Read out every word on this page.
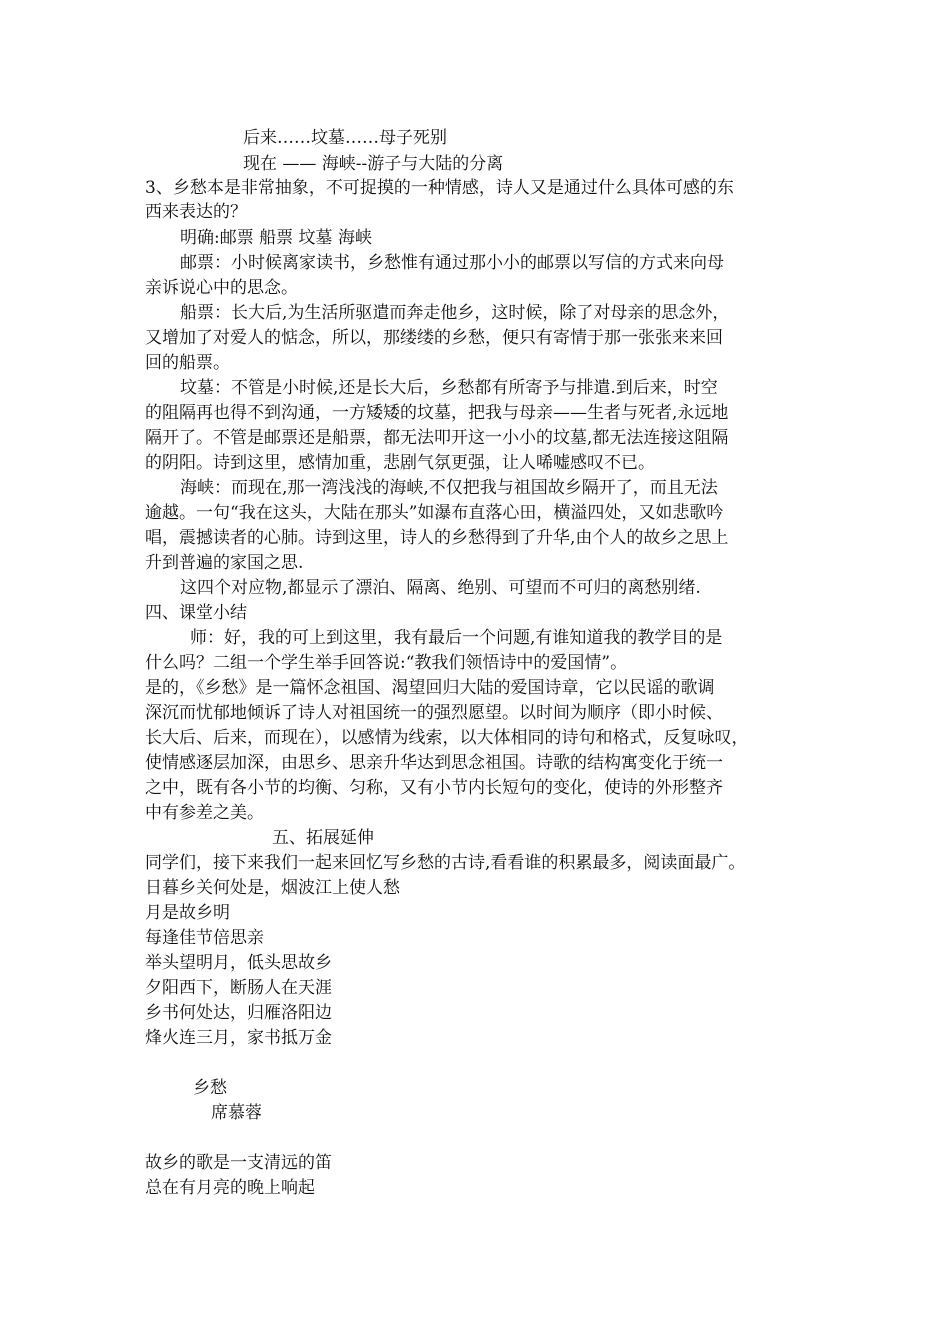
后来……坟墓……母子死别
现在 —— 海峡--游子与大陆的分离
3、乡愁本是非常抽象，不可捉摸的一种情感，诗人又是通过什么具体可感的东
西来表达的？
明确:邮票 船票 坟墓 海峡
邮票：小时候离家读书，乡愁惟有通过那小小的邮票以写信的方式来向母
亲诉说心中的思念。
船票：长大后,为生活所驱遣而奔走他乡，这时候，除了对母亲的思念外，
又增加了对爱人的惦念，所以，那缕缕的乡愁，便只有寄情于那一张张来来回
回的船票。
坟墓：不管是小时候,还是长大后，乡愁都有所寄予与排遣.到后来，时空
的阻隔再也得不到沟通，一方矮矮的坟墓，把我与母亲——生者与死者,永远地
隔开了。不管是邮票还是船票，都无法叩开这一小小的坟墓,都无法连接这阻隔
的阴阳。诗到这里，感情加重，悲剧气氛更强，让人唏嘘感叹不已。
海峡：而现在,那一湾浅浅的海峡,不仅把我与祖国故乡隔开了，而且无法
逾越。一句“我在这头，大陆在那头”如瀑布直落心田，横溢四处，又如悲歌吟
唱，震撼读者的心肺。诗到这里，诗人的乡愁得到了升华,由个人的故乡之思上
升到普遍的家国之思.
这四个对应物,都显示了漂泊、隔离、绝别、可望而不可归的离愁别绪.
四、课堂小结
师：好，我的可上到这里，我有最后一个问题,有谁知道我的教学目的是
什么吗？二组一个学生举手回答说:“教我们领悟诗中的爱国情”。
是的，《乡愁》是一篇怀念祖国、渴望回归大陆的爱国诗章，它以民谣的歌调
深沉而忧郁地倾诉了诗人对祖国统一的强烈愿望。以时间为顺序（即小时候、
长大后、后来，而现在），以感情为线索，以大体相同的诗句和格式，反复咏叹，
使情感逐层加深，由思乡、思亲升华达到思念祖国。诗歌的结构寓变化于统一
之中，既有各小节的均衡、匀称，又有小节内长短句的变化，使诗的外形整齐
中有参差之美。
五、拓展延伸
同学们，接下来我们一起来回忆写乡愁的古诗,看看谁的积累最多，阅读面最广。
日暮乡关何处是，烟波江上使人愁
月是故乡明
每逢佳节倍思亲
举头望明月，低头思故乡
夕阳西下，断肠人在天涯
乡书何处达，归雁洛阳边
烽火连三月，家书抵万金
乡愁
席慕蓉
故乡的歌是一支清远的笛
总在有月亮的晚上响起
